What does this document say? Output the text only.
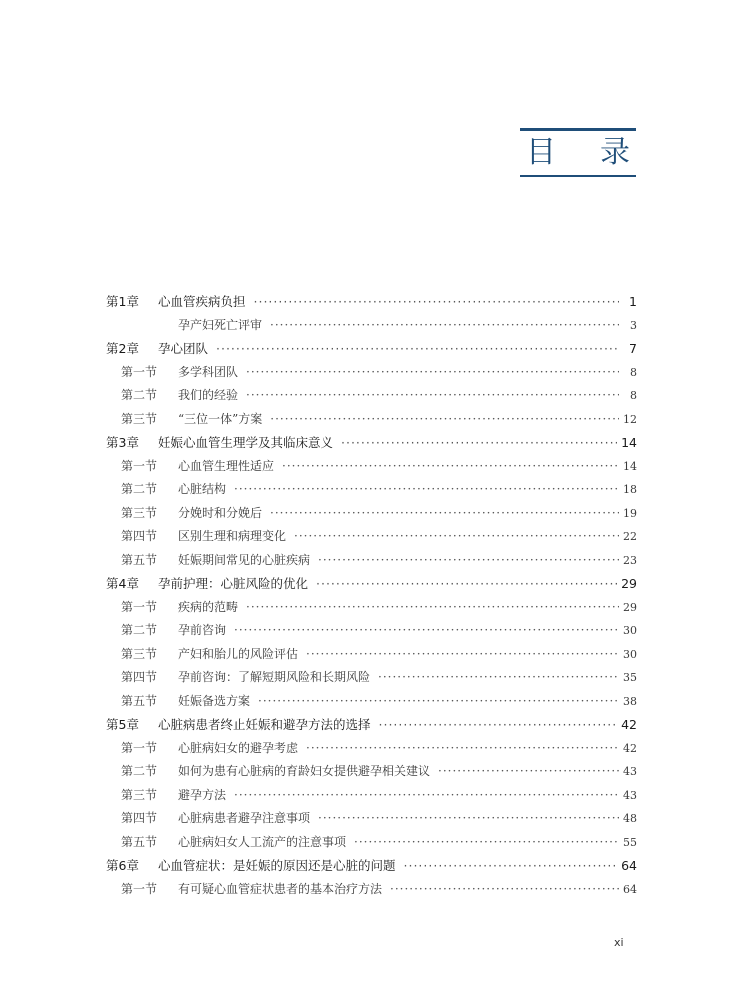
目 录
第1章	心血管疾病负担 ·····	1
孕产妇死亡评审 ·····	3
第2章	孕心团队 ·····	7
第一节	多学科团队 ·····	8
第二节	我们的经验 ·····	8
第三节	“三位一体”方案 ·····	12
第3章	妊娠心血管生理学及其临床意义 ·····	14
第一节	心血管生理性适应 ·····	14
第二节	心脏结构 ·····	18
第三节	分娩时和分娩后 ·····	19
第四节	区别生理和病理变化 ·····	22
第五节	妊娠期间常见的心脏疾病 ·····	23
第4章	孕前护理：心脏风险的优化 ·····	29
第一节	疾病的范畴 ·····	29
第二节	孕前咨询 ·····	30
第三节	产妇和胎儿的风险评估 ·····	30
第四节	孕前咨询：了解短期风险和长期风险 ·····	35
第五节	妊娠备选方案 ·····	38
第5章	心脏病患者终止妊娠和避孕方法的选择 ·····	42
第一节	心脏病妇女的避孕考虑 ·····	42
第二节	如何为患有心脏病的育龄妇女提供避孕相关建议 ·····	43
第三节	避孕方法 ·····	43
第四节	心脏病患者避孕注意事项 ·····	48
第五节	心脏病妇女人工流产的注意事项 ·····	55
第6章	心血管症状：是妊娠的原因还是心脏的问题 ·····	64
第一节	有可疑心血管症状患者的基本治疗方法 ·····	64
xi
